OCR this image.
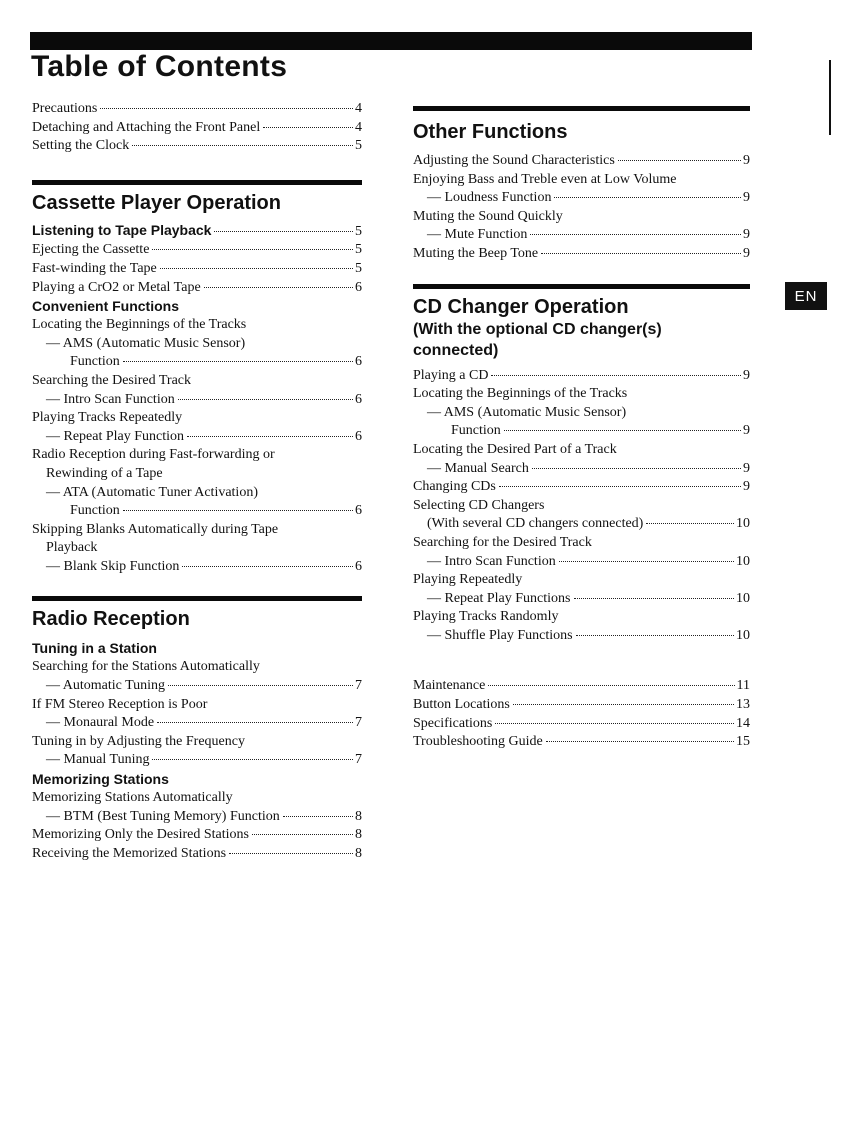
Table of Contents
EN
Precautions	4
Detaching and Attaching the Front Panel	4
Setting the Clock	5
Cassette Player Operation
Listening to Tape Playback	5
Ejecting the Cassette	5
Fast-winding the Tape	5
Playing a CrO2 or Metal Tape	6
Convenient Functions
Locating the Beginnings of the Tracks
— AMS (Automatic Music Sensor)
Function	6
Searching the Desired Track
— Intro Scan Function	6
Playing Tracks Repeatedly
— Repeat Play Function	6
Radio Reception during Fast-forwarding or
Rewinding of a Tape
— ATA (Automatic Tuner Activation)
Function	6
Skipping Blanks Automatically during Tape
Playback
— Blank Skip Function	6
Radio Reception
Tuning in a Station
Searching for the Stations Automatically
— Automatic Tuning	7
If FM Stereo Reception is Poor
— Monaural Mode	7
Tuning in by Adjusting the Frequency
— Manual Tuning	7
Memorizing Stations
Memorizing Stations Automatically
— BTM (Best Tuning Memory) Function	8
Memorizing Only the Desired Stations	8
Receiving the Memorized Stations	8
Other Functions
Adjusting the Sound Characteristics	9
Enjoying Bass and Treble even at Low Volume
— Loudness Function	9
Muting the Sound Quickly
— Mute Function	9
Muting the Beep Tone	9
CD Changer Operation
(With the optional CD changer(s)
connected)
Playing a CD	9
Locating the Beginnings of the Tracks
— AMS (Automatic Music Sensor)
Function	9
Locating the Desired Part of a Track
— Manual Search	9
Changing CDs	9
Selecting CD Changers
(With several CD changers connected)	10
Searching for the Desired Track
— Intro Scan Function	10
Playing Repeatedly
— Repeat Play Functions	10
Playing Tracks Randomly
— Shuffle Play Functions	10
Maintenance	11
Button Locations	13
Specifications	14
Troubleshooting Guide	15
